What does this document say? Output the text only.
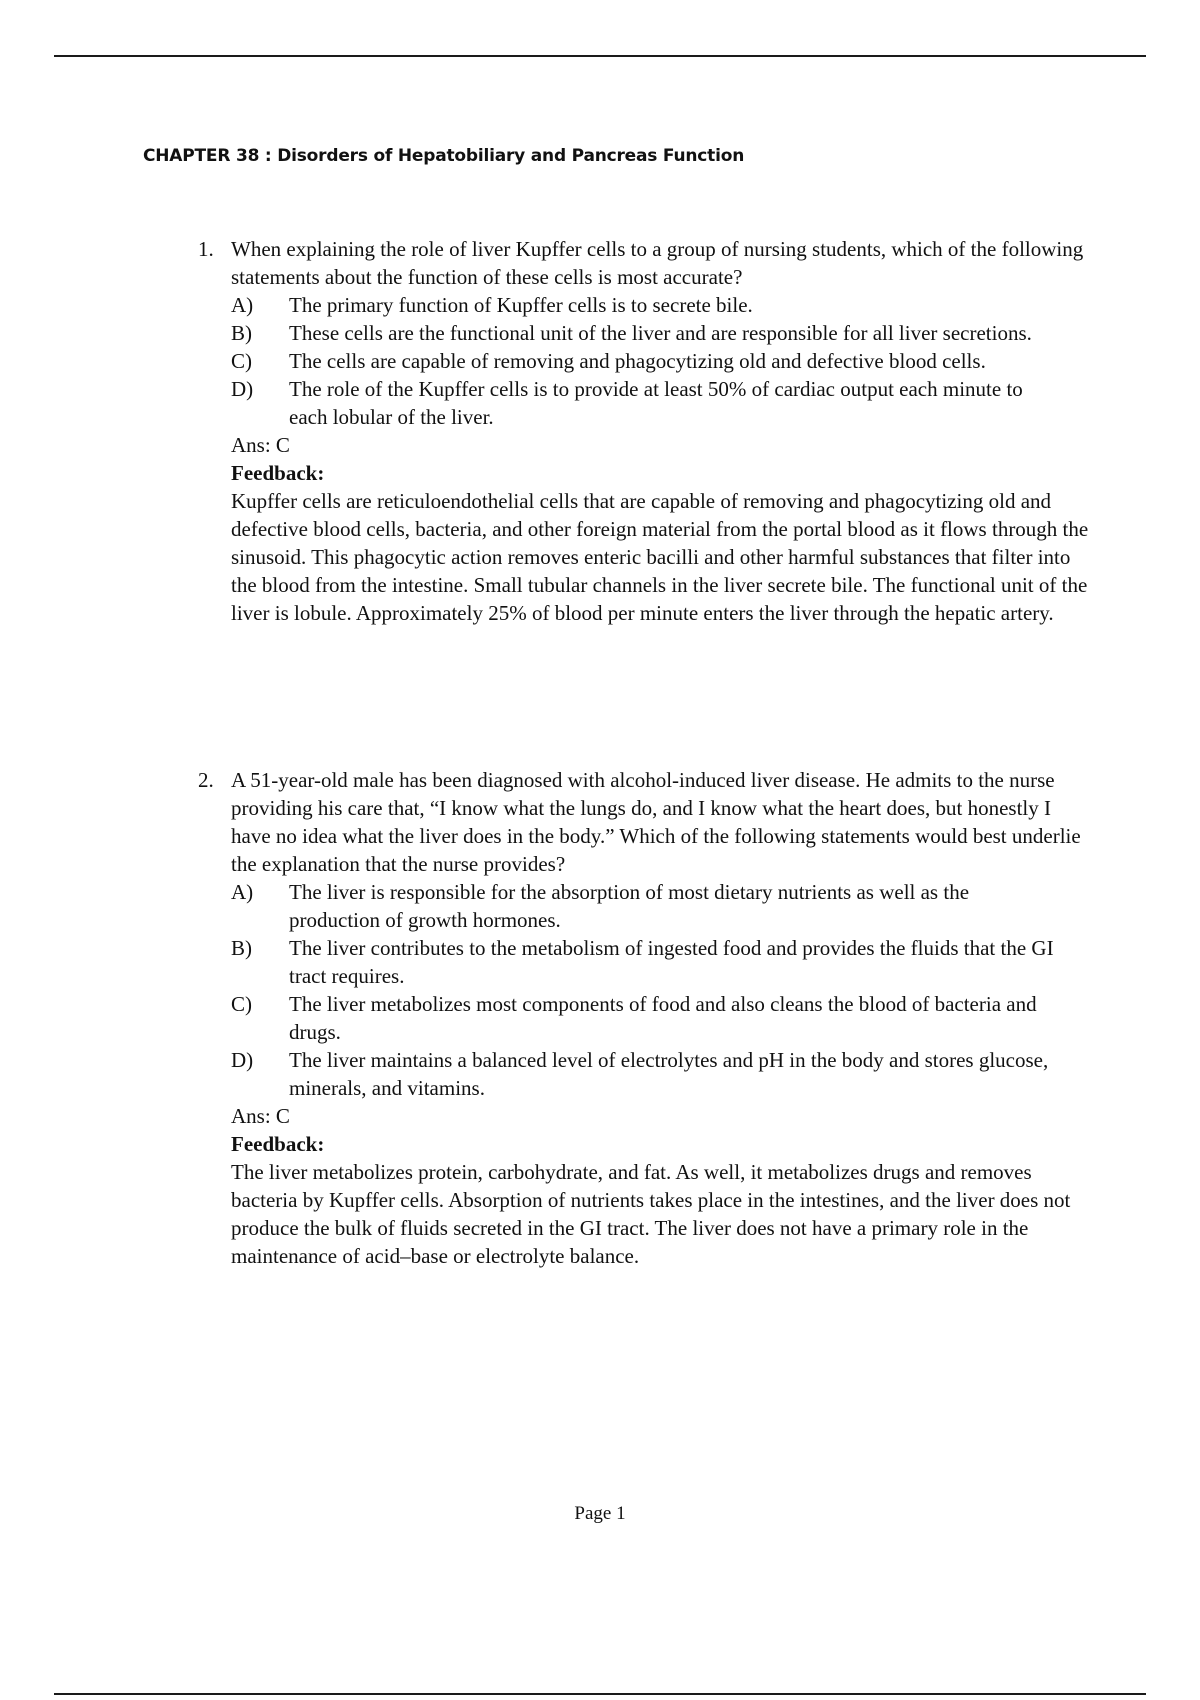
CHAPTER 38 : Disorders of Hepatobiliary and Pancreas Function
1. When explaining the role of liver Kupffer cells to a group of nursing students, which of the following statements about the function of these cells is most accurate?

A)	The primary function of Kupffer cells is to secrete bile.
B)	These cells are the functional unit of the liver and are responsible for all liver secretions.
C)	The cells are capable of removing and phagocytizing old and defective blood cells.
D)	The role of the Kupffer cells is to provide at least 50% of cardiac output each minute to each lobular of the liver.

Ans: C

Feedback:

Kupffer cells are reticuloendothelial cells that are capable of removing and phagocytizing old and defective blood cells, bacteria, and other foreign material from the portal blood as it flows through the sinusoid. This phagocytic action removes enteric bacilli and other harmful substances that filter into the blood from the intestine. Small tubular channels in the liver secrete bile. The functional unit of the liver is lobule. Approximately 25% of blood per minute enters the liver through the hepatic artery.

2. A 51-year-old male has been diagnosed with alcohol-induced liver disease. He admits to the nurse providing his care that, “I know what the lungs do, and I know what the heart does, but honestly I have no idea what the liver does in the body.” Which of the following statements would best underlie the explanation that the nurse provides?

A)	The liver is responsible for the absorption of most dietary nutrients as well as the production of growth hormones.
B)	The liver contributes to the metabolism of ingested food and provides the fluids that the GI tract requires.
C)	The liver metabolizes most components of food and also cleans the blood of bacteria and drugs.
D)	The liver maintains a balanced level of electrolytes and pH in the body and stores glucose, minerals, and vitamins.

Ans: C

Feedback:

The liver metabolizes protein, carbohydrate, and fat. As well, it metabolizes drugs and removes bacteria by Kupffer cells. Absorption of nutrients takes place in the intestines, and the liver does not produce the bulk of fluids secreted in the GI tract. The liver does not have a primary role in the maintenance of acid–base or electrolyte balance.

Page 1
